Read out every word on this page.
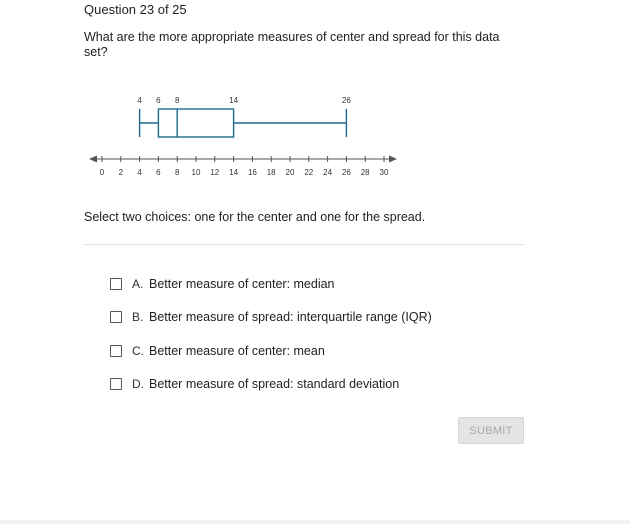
Question 23 of 25
What are the more appropriate measures of center and spread for this data set?
4 6 8	14	26
0 2 4 6 8 10 12 14 16 18 20 22 24 26 28 30
Select two choices: one for the center and one for the spread.
A. Better measure of center: median
B. Better measure of spread: interquartile range (IQR)
C. Better measure of center: mean
D. Better measure of spread: standard deviation
SUBMIT
